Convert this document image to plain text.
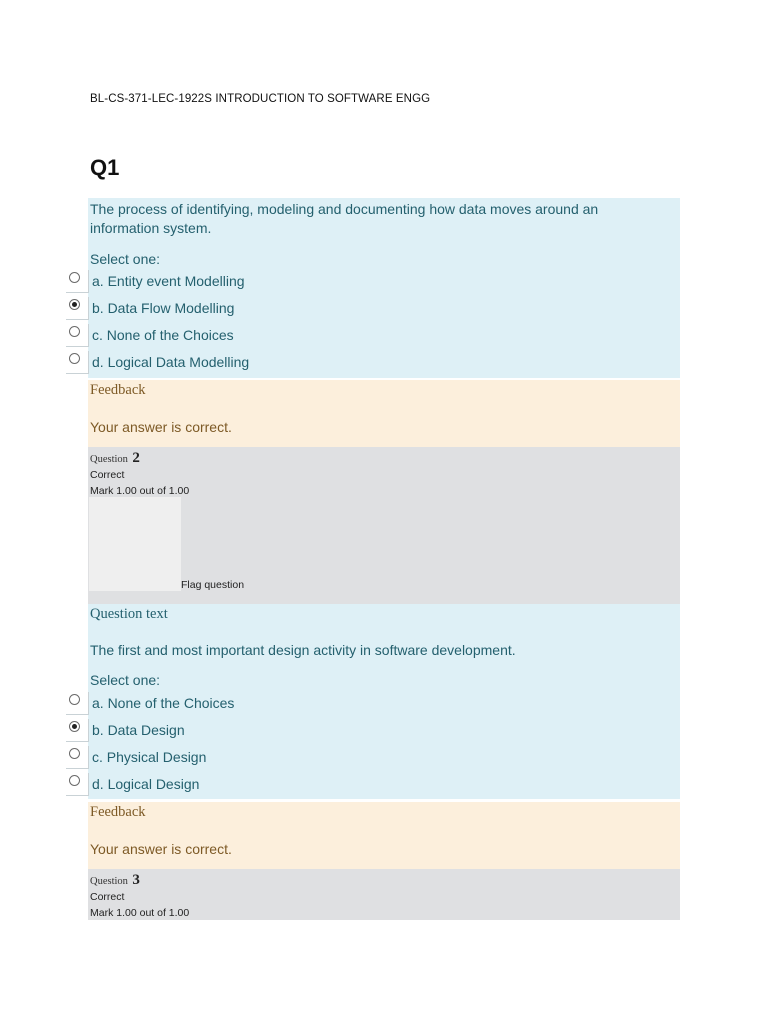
BL-CS-371-LEC-1922S INTRODUCTION TO SOFTWARE ENGG
Q1
The process of identifying, modeling and documenting how data moves around an
information system.
Select one:
a. Entity event Modelling
b. Data Flow Modelling
c. None of the Choices
d. Logical Data Modelling
Feedback
Your answer is correct.
Question 2
Correct
Mark 1.00 out of 1.00
Flag question
Question text
The first and most important design activity in software development.
Select one:
a. None of the Choices
b. Data Design
c. Physical Design
d. Logical Design
Feedback
Your answer is correct.
Question 3
Correct
Mark 1.00 out of 1.00
